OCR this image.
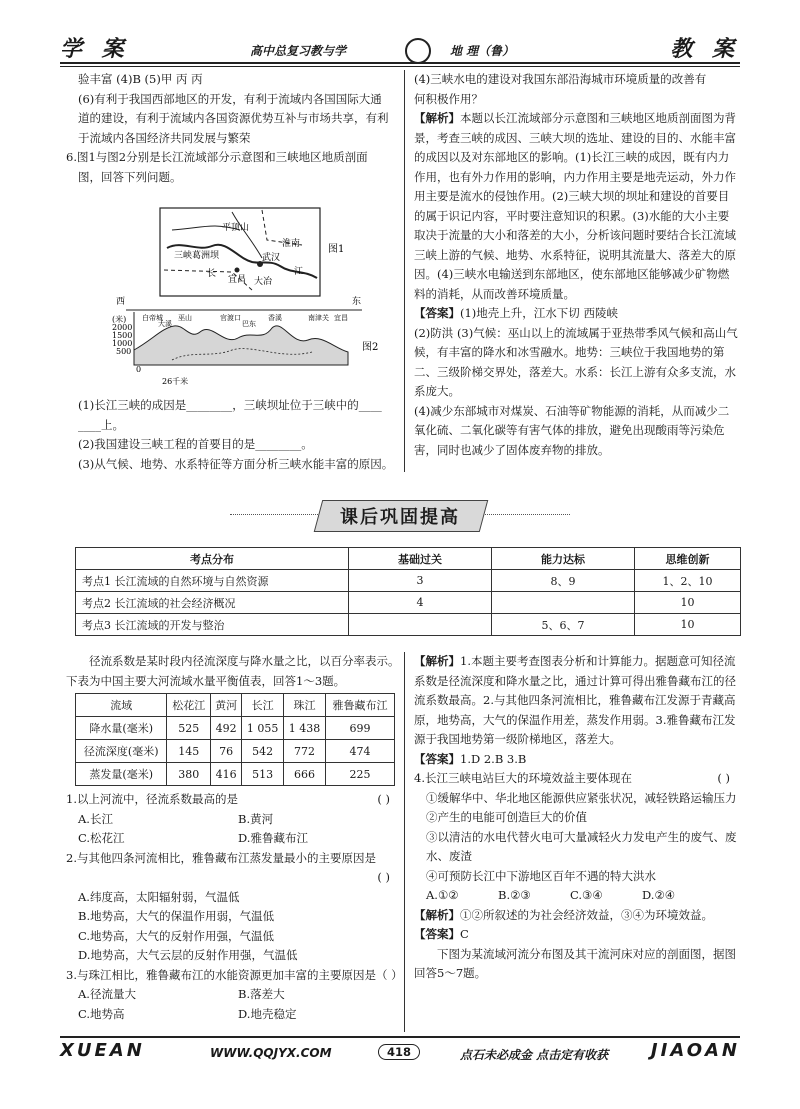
学 案	高中总复习教与学	地 理（鲁）	教 案

验丰富 (4)B (5)甲 丙 丙

(6)有利于我国西部地区的开发，有利于流域内各国国际大通

道的建设，有利于流域内各国资源优势互补与市场共享，有利

于流域内各国经济共同发展与繁荣

6.图1与图2分别是长江流域部分示意图和三峡地区地质剖面

图，回答下列问题。

平顶山
淮南
三峡葛洲坝	武汉
长
宜昌
江
大冶
图1
西	东
(米)
2000
1500
1000
500
0
26千米
图2
白帝城
大溪
巫山	官渡口
巴东
香溪	南津关 宜昌

(1)长江三峡的成因是________，三峡坝址位于三峡中的____

____上。

(2)我国建设三峡工程的首要目的是________。

(3)从气候、地势、水系特征等方面分析三峡水能丰富的原因。

(4)三峡水电的建设对我国东部沿海城市环境质量的改善有

何积极作用？

【解析】本题以长江流域部分示意图和三峡地区地质剖面图为背景，考查三峡的成因、三峡大坝的选址、建设的目的、水能丰富的成因以及对东部地区的影响。(1)长江三峡的成因，既有内力作用，也有外力作用的影响，内力作用主要是地壳运动，外力作用主要是流水的侵蚀作用。(2)三峡大坝的坝址和建设的首要目的属于识记内容，平时要注意知识的积累。(3)水能的大小主要取决于流量的大小和落差的大小，分析该问题时要结合长江流域三峡上游的气候、地势、水系特征，说明其流量大、落差大的原因。(4)三峡水电输送到东部地区，使东部地区能够减少矿物燃料的消耗，从而改善环境质量。

【答案】(1)地壳上升，江水下切 西陵峡

(2)防洪 (3)气候：巫山以上的流域属于亚热带季风气候和高山气候，有丰富的降水和冰雪融水。地势：三峡位于我国地势的第二、三级阶梯交界处，落差大。水系：长江上游有众多支流，水系庞大。

(4)减少东部城市对煤炭、石油等矿物能源的消耗，从而减少二氧化硫、二氧化碳等有害气体的排放，避免出现酸雨等污染危害，同时也减少了固体废弃物的排放。

课后巩固提高
考点分布	基础过关	能力达标	思维创新
考点1 长江流域的自然环境与自然资源	3	8、9	1、2、10
考点2 长江流域的社会经济概况	4		10
考点3 长江流域的开发与整治		5、6、7	10

径流系数是某时段内径流深度与降水量之比，以百分率表示。下表为中国主要大河流域水量平衡值表，回答1～3题。

流域	松花江	黄河	长江	珠江	雅鲁藏布江
降水量(毫米)	525	492	1 055	1 438	699
径流深度(毫米)	145	76	542	772	474
蒸发量(毫米)	380	416	513	666	225

1.以上河流中，径流系数最高的是	( )

A.长江	B.黄河

C.松花江	D.雅鲁藏布江

2.与其他四条河流相比，雅鲁藏布江蒸发量最小的主要原因是

( )

A.纬度高，太阳辐射弱，气温低

B.地势高，大气的保温作用弱，气温低

C.地势高，大气的反射作用强，气温低

D.地势高，大气云层的反射作用强，气温低

3.与珠江相比，雅鲁藏布江的水能资源更加丰富的主要原因是（ ）

A.径流量大	B.落差大

C.地势高	D.地壳稳定

【解析】1.本题主要考查图表分析和计算能力。据题意可知径流系数是径流深度和降水量之比，通过计算可得出雅鲁藏布江的径流系数最高。2.与其他四条河流相比，雅鲁藏布江发源于青藏高原，地势高，大气的保温作用差，蒸发作用弱。3.雅鲁藏布江发源于我国地势第一级阶梯地区，落差大。

【答案】1.D 2.B 3.B

4.长江三峡电站巨大的环境效益主要体现在	( )

①缓解华中、华北地区能源供应紧张状况，减轻铁路运输压力

②产生的电能可创造巨大的价值

③以清洁的水电代替火电可大量减轻火力发电产生的废气、废水、废渣

④可预防长江中下游地区百年不遇的特大洪水

A.①②	B.②③	C.③④	D.②④

【解析】①②所叙述的为社会经济效益，③④为环境效益。

【答案】C

下图为某流域河流分布图及其干流河床对应的剖面图，据图回答5～7题。

XUEAN	WWW.QQJYX.COM	418	点石未必成金 点击定有收获 JIAOAN
